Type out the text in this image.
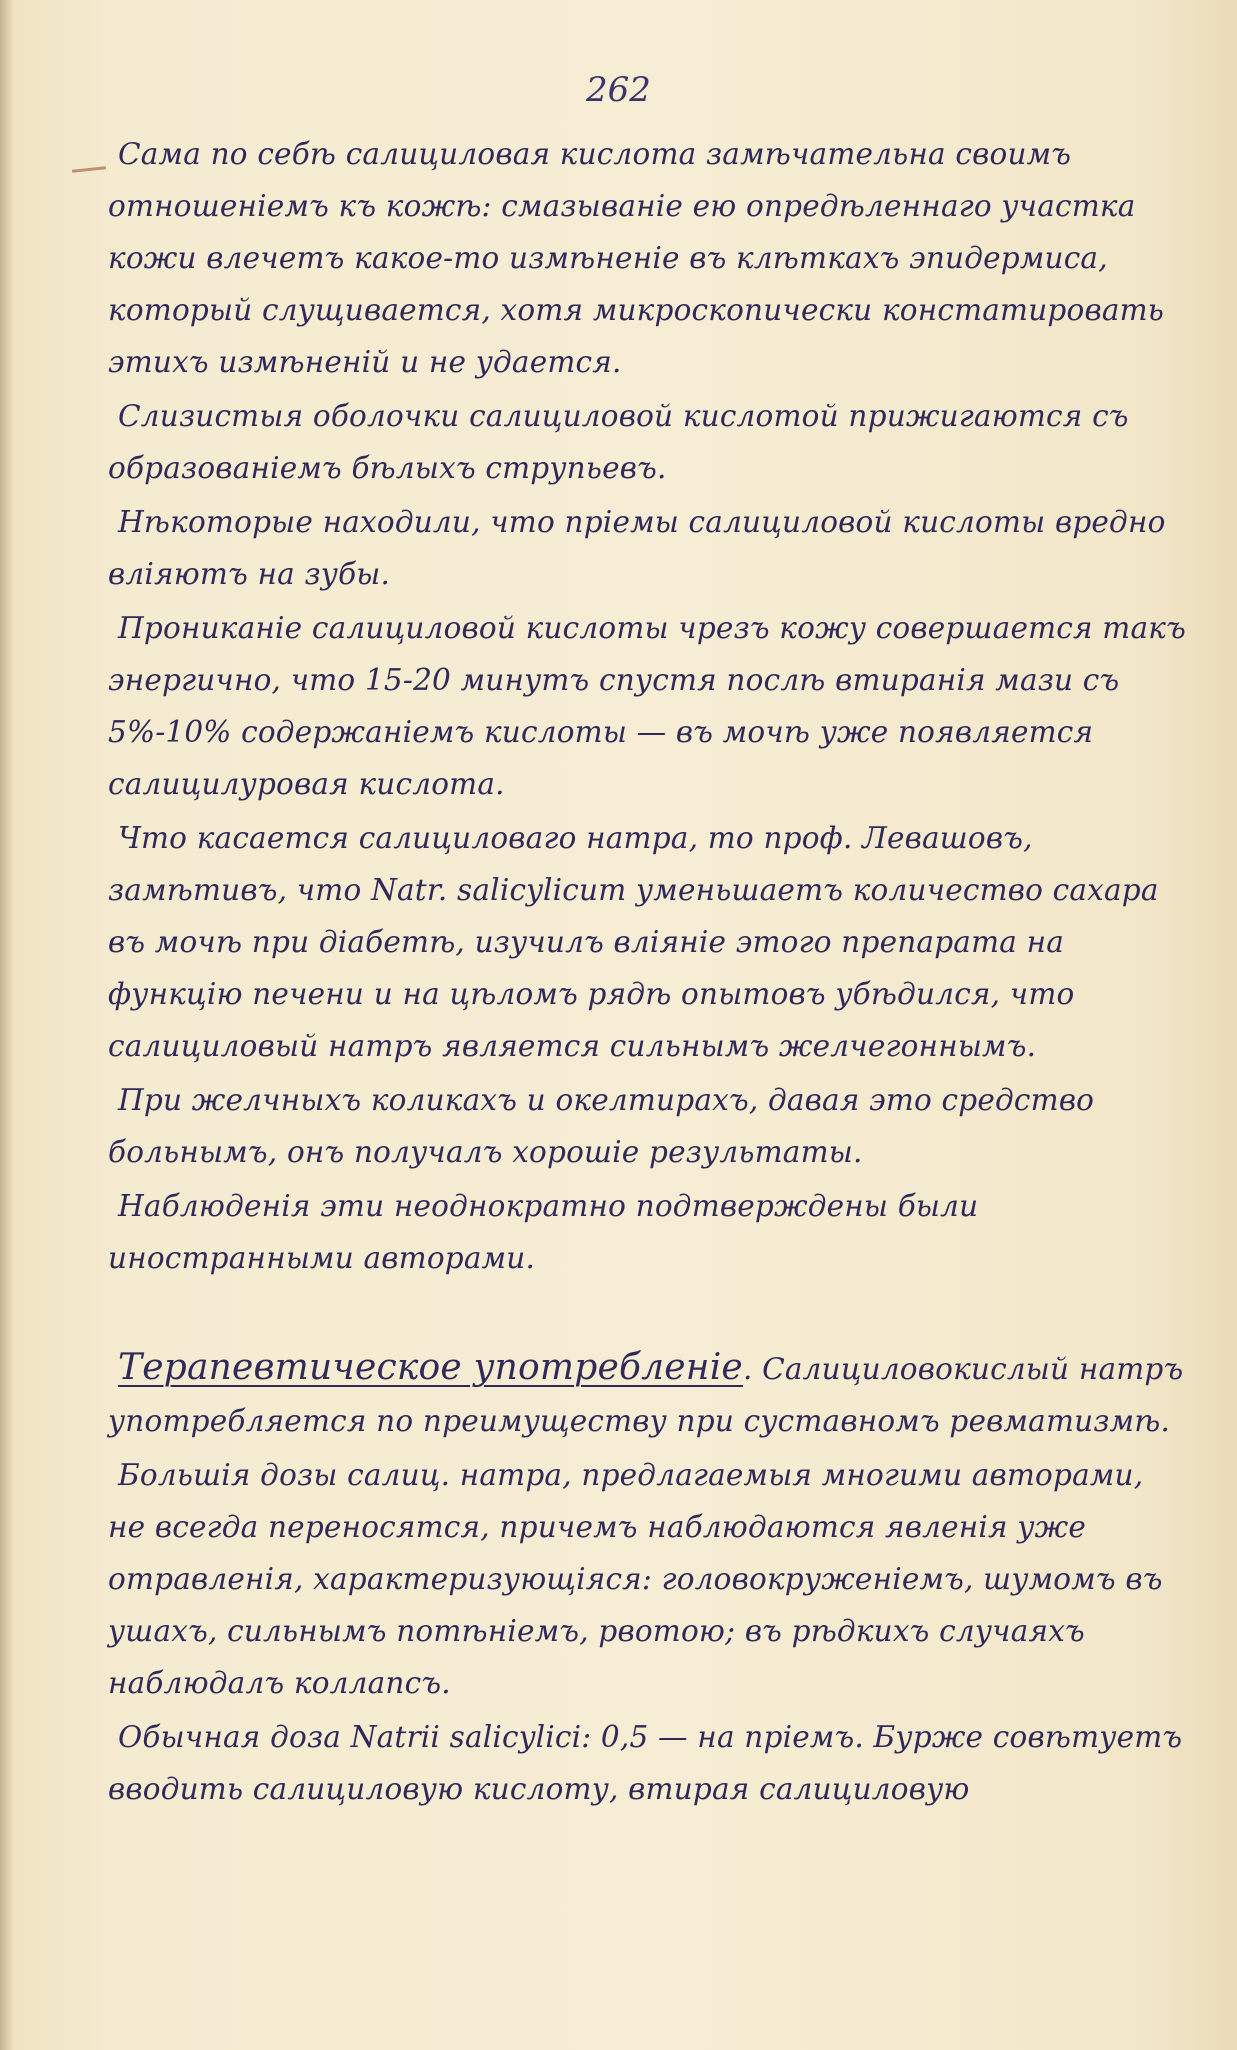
262

Сама по себѣ салициловая кислота замѣчательна своимъ отношеніемъ къ кожѣ: смазываніе ею опредѣленнаго участка кожи влечетъ какое-то измѣненіе въ клѣткахъ эпидермиса, который слущивается, хотя микроскопически констатировать этихъ измѣненій и не удается.

Слизистыя оболочки салициловой кислотой прижигаются съ образованіемъ бѣлыхъ струпьевъ.

Нѣкоторые находили, что пріемы салициловой кислоты вредно вліяютъ на зубы.

Прониканіе салициловой кислоты чрезъ кожу совершается такъ энергично, что 15-20 минутъ спустя послѣ втиранія мази съ 5%-10% содержаніемъ кислоты — въ мочѣ уже появляется салицилуровая кислота.

Что касается салициловаго натра, то проф. Левашовъ, замѣтивъ, что Natr. salicylicum уменьшаетъ количество сахара въ мочѣ при діабетѣ, изучилъ вліяніе этого препарата на функцію печени и на цѣломъ рядѣ опытовъ убѣдился, что салициловый натръ является сильнымъ желчегоннымъ.

При желчныхъ коликахъ и окелтирахъ, давая это средство больнымъ, онъ получалъ хорошіе результаты.

Наблюденія эти неоднократно подтверждены были иностранными авторами.

Терапевтическое употребленіе. Салициловокислый натръ употребляется по преимуществу при суставномъ ревматизмѣ.

Большія дозы салиц. натра, предлагаемыя многими авторами, не всегда переносятся, причемъ наблюдаются явленія уже отравленія, характеризующіяся: головокруженіемъ, шумомъ въ ушахъ, сильнымъ потѣніемъ, рвотою; въ рѣдкихъ случаяхъ наблюдалъ коллапсъ.

Обычная доза Natrii salicylici: 0,5 — на пріемъ. Бурже совѣтуетъ вводить салициловую кислоту, втирая салициловую
